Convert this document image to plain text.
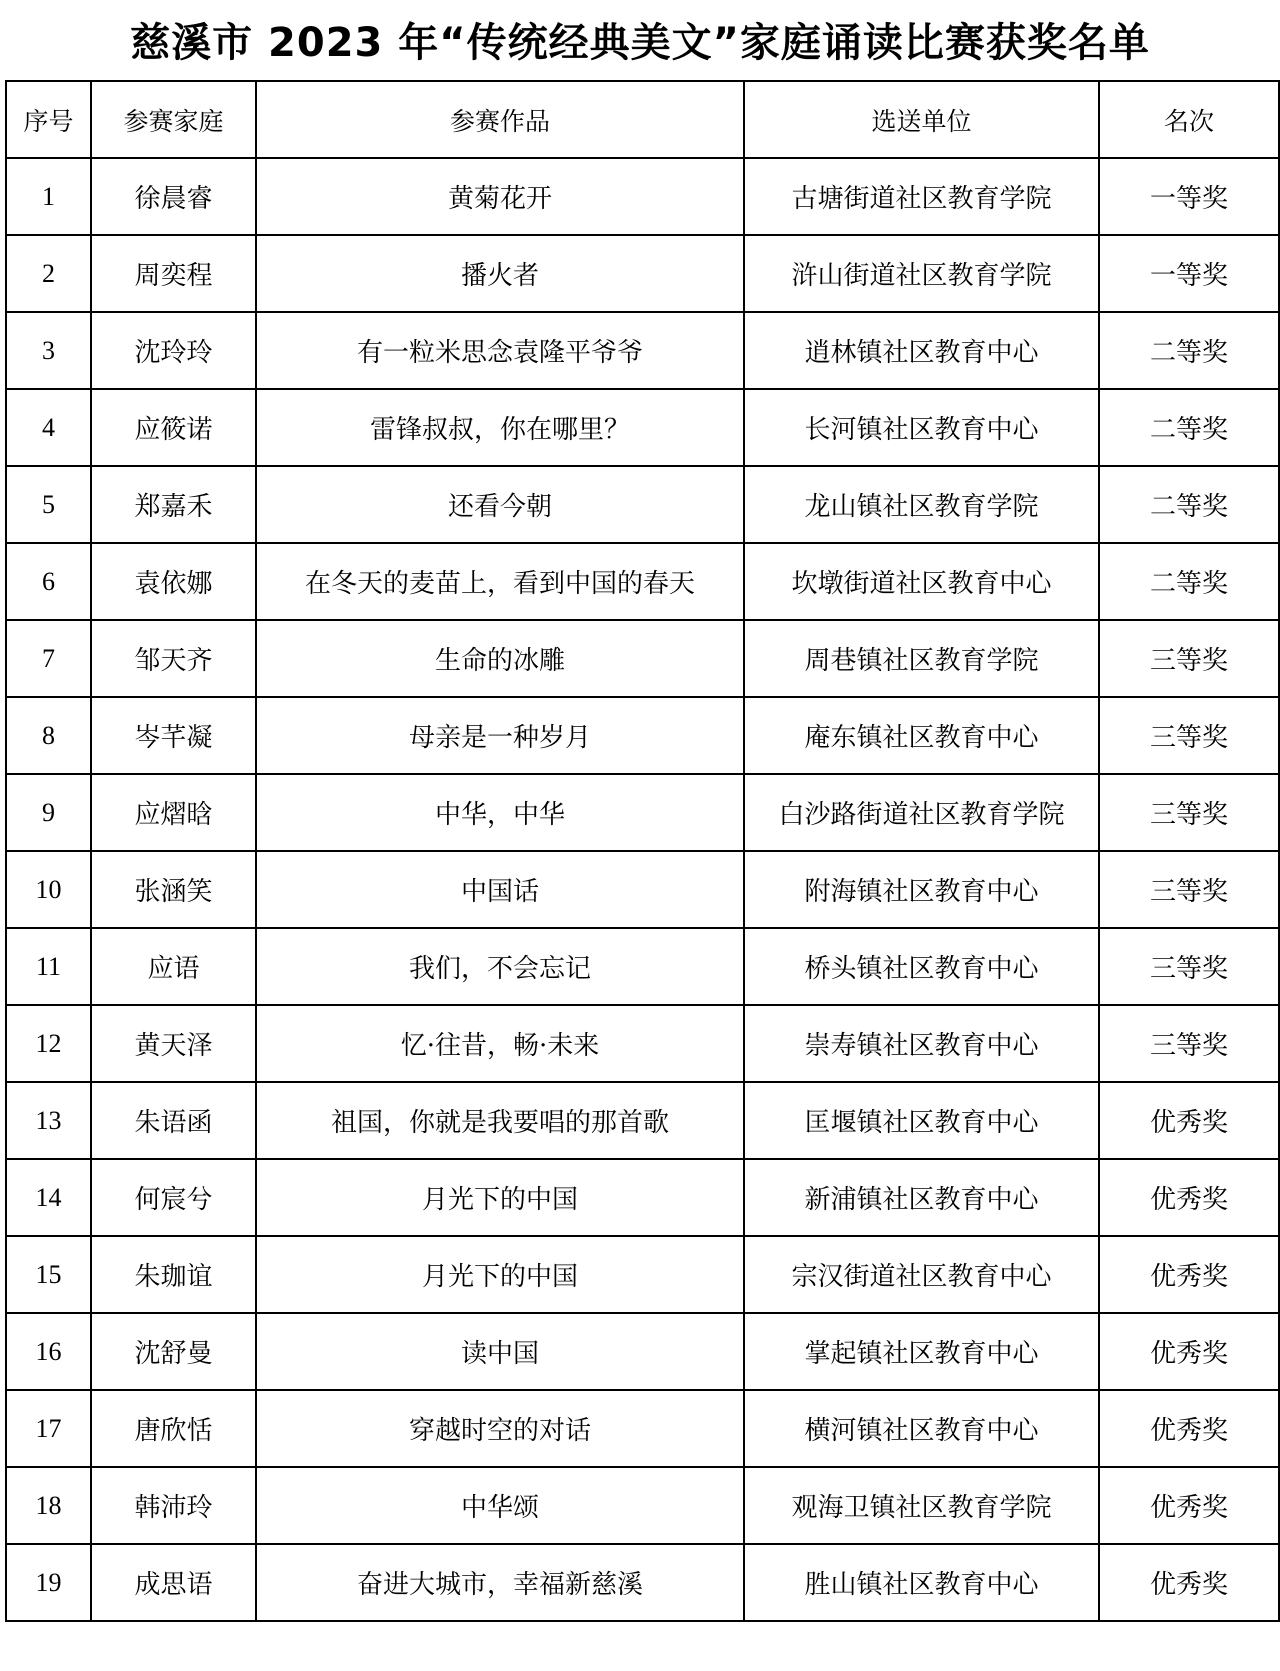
慈溪市 2023 年“传统经典美文”家庭诵读比赛获奖名单
序号	参赛家庭	参赛作品	选送单位	名次
1	徐晨睿	黄菊花开	古塘街道社区教育学院	一等奖
2	周奕程	播火者	浒山街道社区教育学院	一等奖
3	沈玲玲	有一粒米思念袁隆平爷爷	逍林镇社区教育中心	二等奖
4	应筱诺	雷锋叔叔，你在哪里？	长河镇社区教育中心	二等奖
5	郑嘉禾	还看今朝	龙山镇社区教育学院	二等奖
6	袁依娜	在冬天的麦苗上，看到中国的春天	坎墩街道社区教育中心	二等奖
7	邹天齐	生命的冰雕	周巷镇社区教育学院	三等奖
8	岑芊凝	母亲是一种岁月	庵东镇社区教育中心	三等奖
9	应熠晗	中华，中华	白沙路街道社区教育学院	三等奖
10	张涵笑	中国话	附海镇社区教育中心	三等奖
11	应语	我们，不会忘记	桥头镇社区教育中心	三等奖
12	黄天泽	忆·往昔，畅·未来	崇寿镇社区教育中心	三等奖
13	朱语函	祖国，你就是我要唱的那首歌	匡堰镇社区教育中心	优秀奖
14	何宸兮	月光下的中国	新浦镇社区教育中心	优秀奖
15	朱珈谊	月光下的中国	宗汉街道社区教育中心	优秀奖
16	沈舒曼	读中国	掌起镇社区教育中心	优秀奖
17	唐欣恬	穿越时空的对话	横河镇社区教育中心	优秀奖
18	韩沛玲	中华颂	观海卫镇社区教育学院	优秀奖
19	成思语	奋进大城市，幸福新慈溪	胜山镇社区教育中心	优秀奖
